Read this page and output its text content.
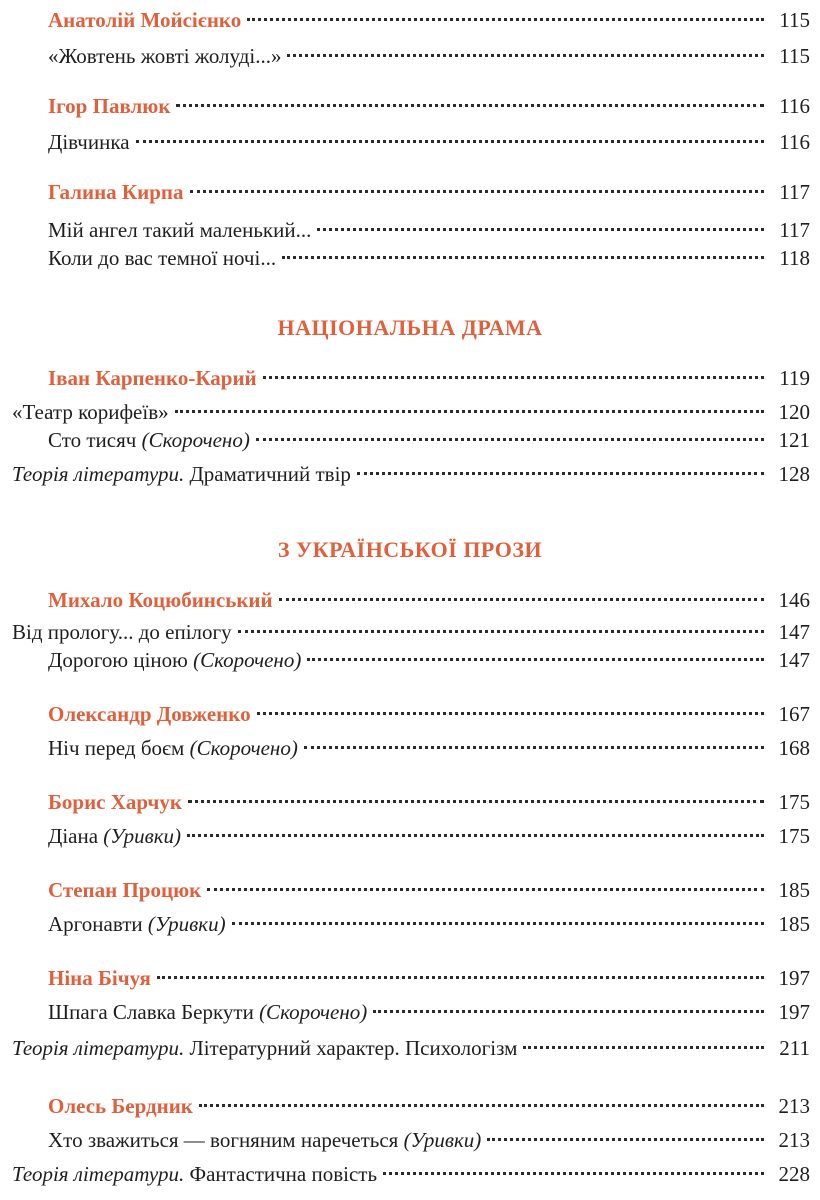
Анатолій Мойсієнко	115
«Жовтень жовті жолуді...»	115
Ігор Павлюк	116
Дівчинка	116
Галина Кирпа	117
Мій ангел такий маленький...	117
Коли до вас темної ночі...	118
НАЦІОНАЛЬНА ДРАМА
Іван Карпенко-Карий	119
«Театр корифеїв»	120
Сто тисяч (Скорочено)	121
Теорія літератури. Драматичний твір	128
З УКРАЇНСЬКОЇ ПРОЗИ
Михало Коцюбинський	146
Від прологу... до епілогу	147
Дорогою ціною (Скорочено)	147
Олександр Довженко	167
Ніч перед боєм (Скорочено)	168
Борис Харчук	175
Діана (Уривки)	175
Степан Процюк	185
Аргонавти (Уривки)	185
Ніна Бічуя	197
Шпага Славка Беркути (Скорочено)	197
Теорія літератури. Літературний характер. Психологізм	211
Олесь Бердник	213
Хто зважиться — вогняним наречеться (Уривки)	213
Теорія літератури. Фантастична повість	228
